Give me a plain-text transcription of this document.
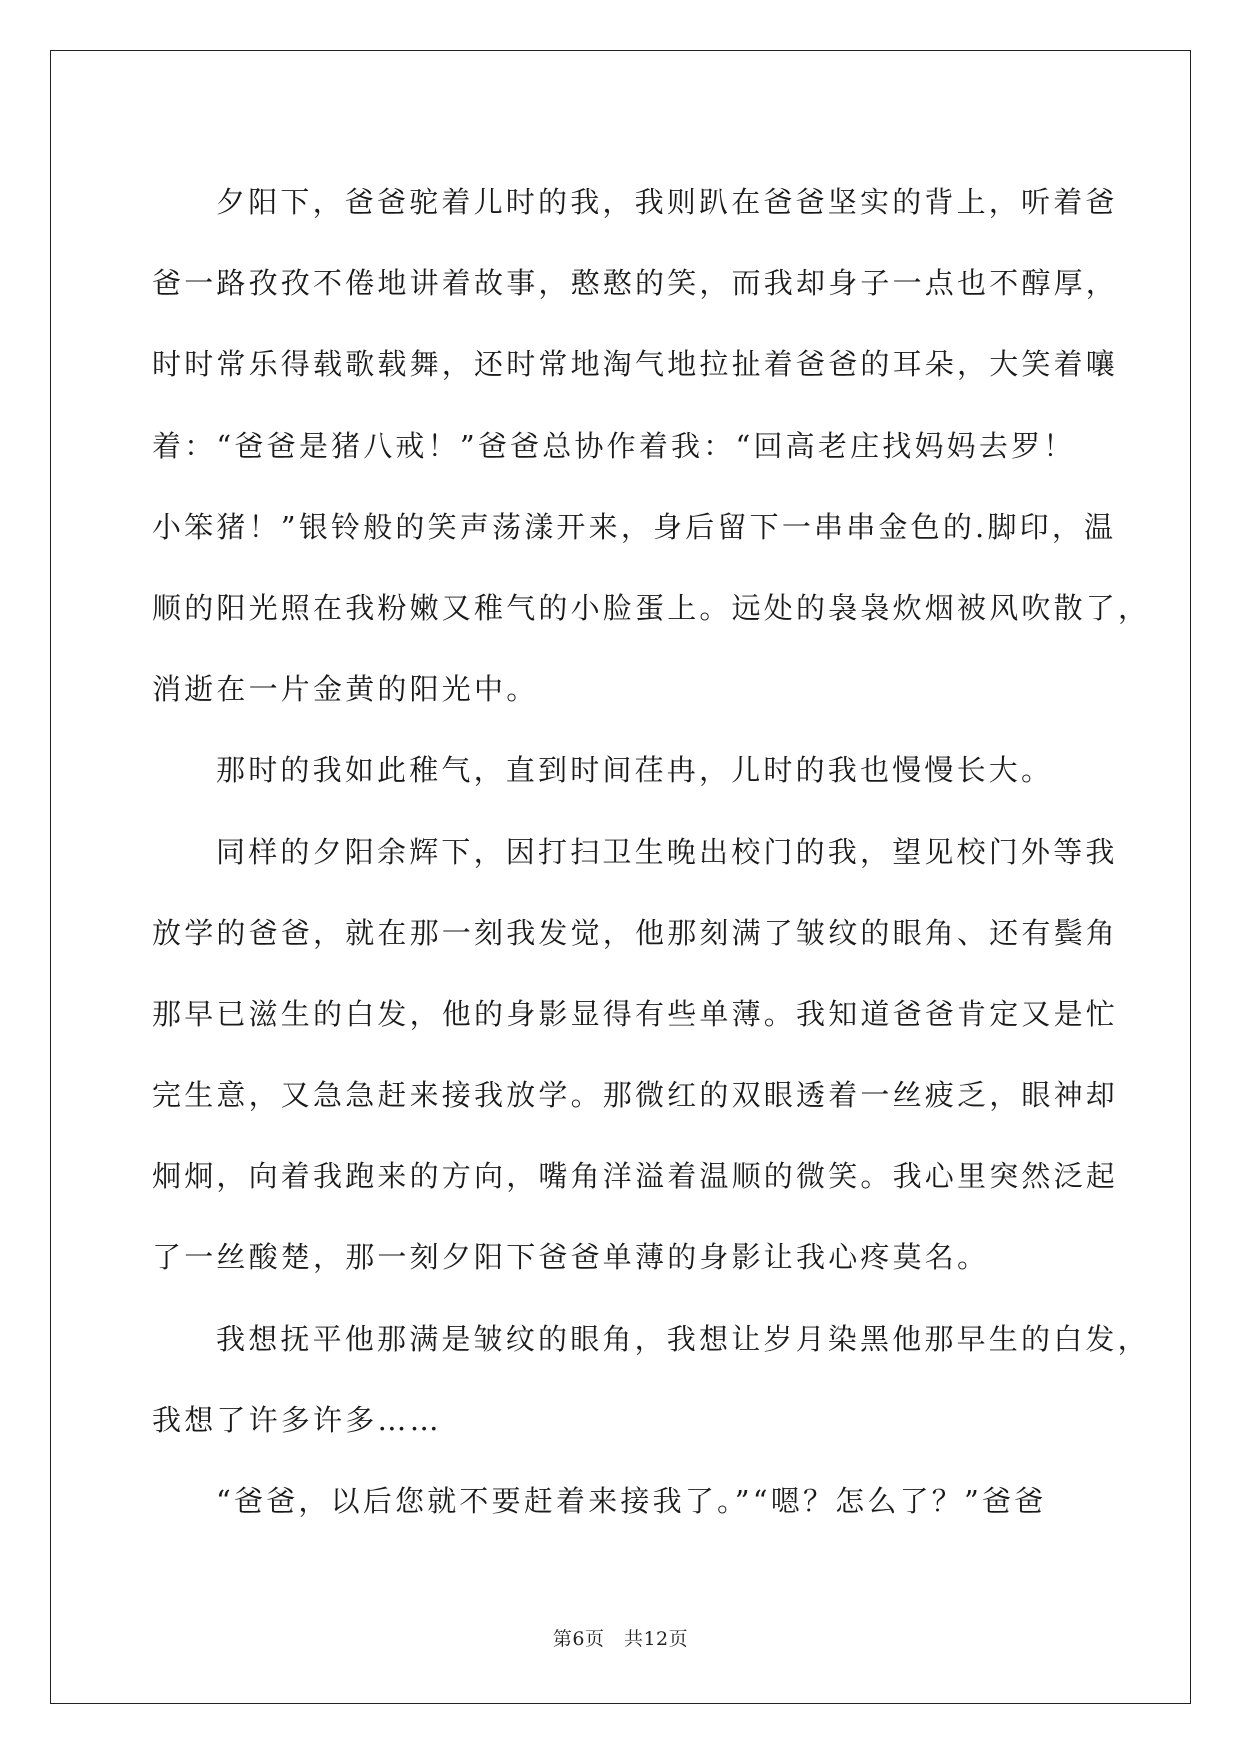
夕阳下，爸爸驼着儿时的我，我则趴在爸爸坚实的背上，听着爸
爸一路孜孜不倦地讲着故事，憨憨的笑，而我却身子一点也不醇厚，
时时常乐得载歌载舞，还时常地淘气地拉扯着爸爸的耳朵，大笑着嚷
着：“爸爸是猪八戒！”爸爸总协作着我：“回高老庄找妈妈去罗！
小笨猪！”银铃般的笑声荡漾开来，身后留下一串串金色的.脚印，温
顺的阳光照在我粉嫩又稚气的小脸蛋上。远处的袅袅炊烟被风吹散了，
消逝在一片金黄的阳光中。

那时的我如此稚气，直到时间荏冉，儿时的我也慢慢长大。

同样的夕阳余辉下，因打扫卫生晚出校门的我，望见校门外等我
放学的爸爸，就在那一刻我发觉，他那刻满了皱纹的眼角、还有鬓角
那早已滋生的白发，他的身影显得有些单薄。我知道爸爸肯定又是忙
完生意，又急急赶来接我放学。那微红的双眼透着一丝疲乏，眼神却
炯炯，向着我跑来的方向，嘴角洋溢着温顺的微笑。我心里突然泛起
了一丝酸楚，那一刻夕阳下爸爸单薄的身影让我心疼莫名。

我想抚平他那满是皱纹的眼角，我想让岁月染黑他那早生的白发，
我想了许多许多……

“爸爸，以后您就不要赶着来接我了。”“嗯？怎么了？”爸爸

第6页　共12页
